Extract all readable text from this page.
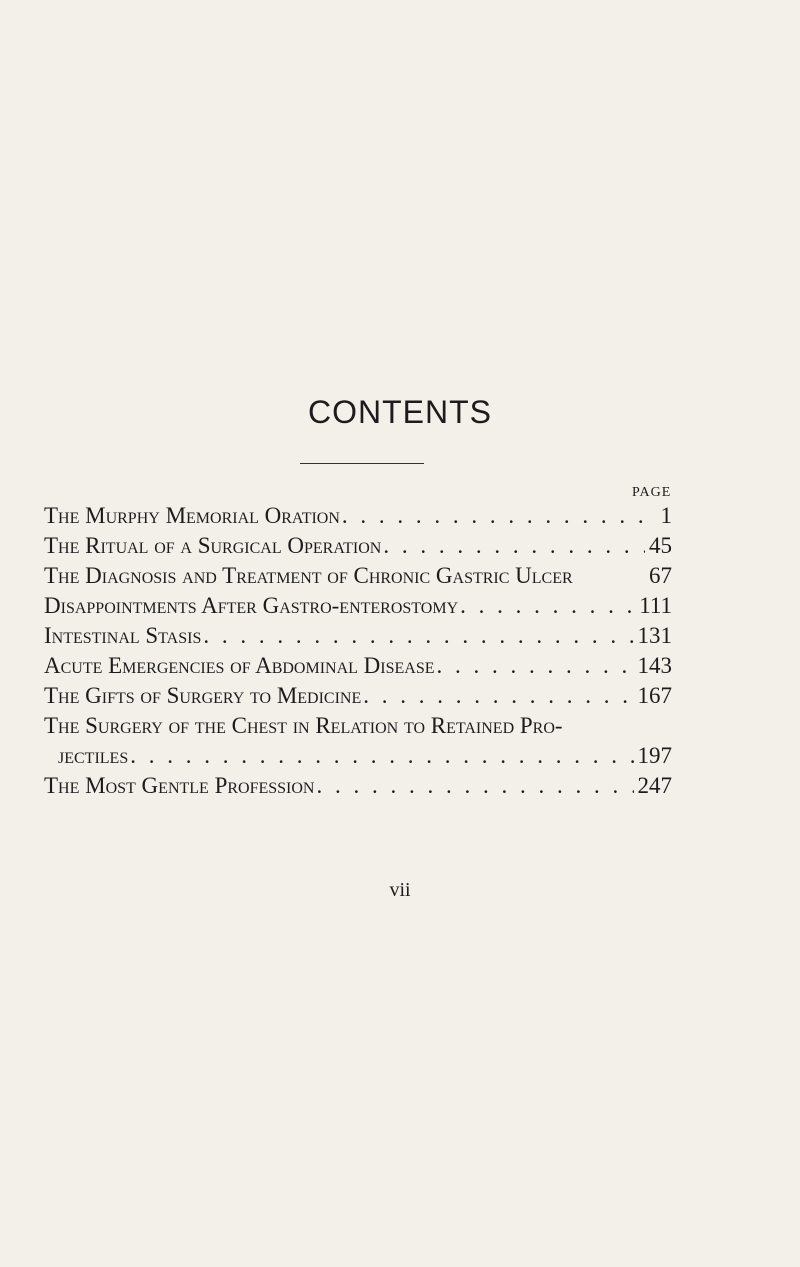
CONTENTS
PAGE
The Murphy Memorial Oration . . .	1
The Ritual of a Surgical Operation . . .	45
The Diagnosis and Treatment of Chronic Gastric Ulcer	67
Disappointments After Gastro-enterostomy . . .	111
Intestinal Stasis . . .	131
Acute Emergencies of Abdominal Disease . . .	143
The Gifts of Surgery to Medicine . . .	167
The Surgery of the Chest in Relation to Retained Pro-
jectiles . . .	197
The Most Gentle Profession . . .	247
vii
